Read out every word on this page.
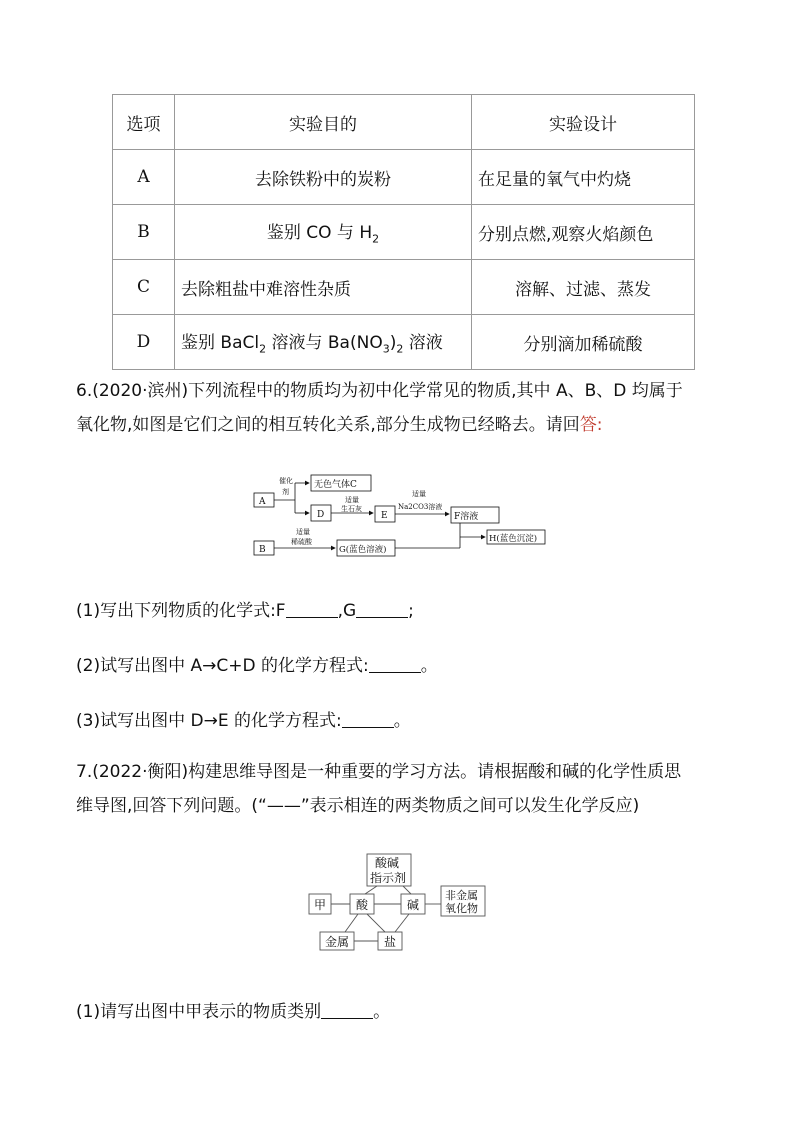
选项	实验目的	实验设计
A	去除铁粉中的炭粉	在足量的氧气中灼烧
B	鉴别 CO 与 $H_2$	分别点燃,观察火焰颜色
C	去除粗盐中难溶性杂质	溶解、过滤、蒸发
D	鉴别 BaCl$_2$ 溶液与 $Ba(NO_3)_2$ 溶液	分别滴加稀硫酸
6.(2020·滨州)下列流程中的物质均为初中化学常见的物质,其中 A、B、D 均属于
氧化物,如图是它们之间的相互转化关系,部分生成物已经略去。请回答:
A
催化
剂
无色气体C
D
适量
生石灰
E
适量
Na2CO3溶液
F溶液
B
适量
稀硫酸
G(蓝色溶液)
H(蓝色沉淀)
(1)写出下列物质的化学式:F	,G	;
(2)试写出图中 A→C+D 的化学方程式:	。
(3)试写出图中 D→E 的化学方程式:	。
7.(2022·衡阳)构建思维导图是一种重要的学习方法。请根据酸和碱的化学性质思
维导图,回答下列问题。(“——”表示相连的两类物质之间可以发生化学反应)
酸碱
指示剂
甲 酸	碱
非金属
氧化物
金属	盐
(1)请写出图中甲表示的物质类别	。
